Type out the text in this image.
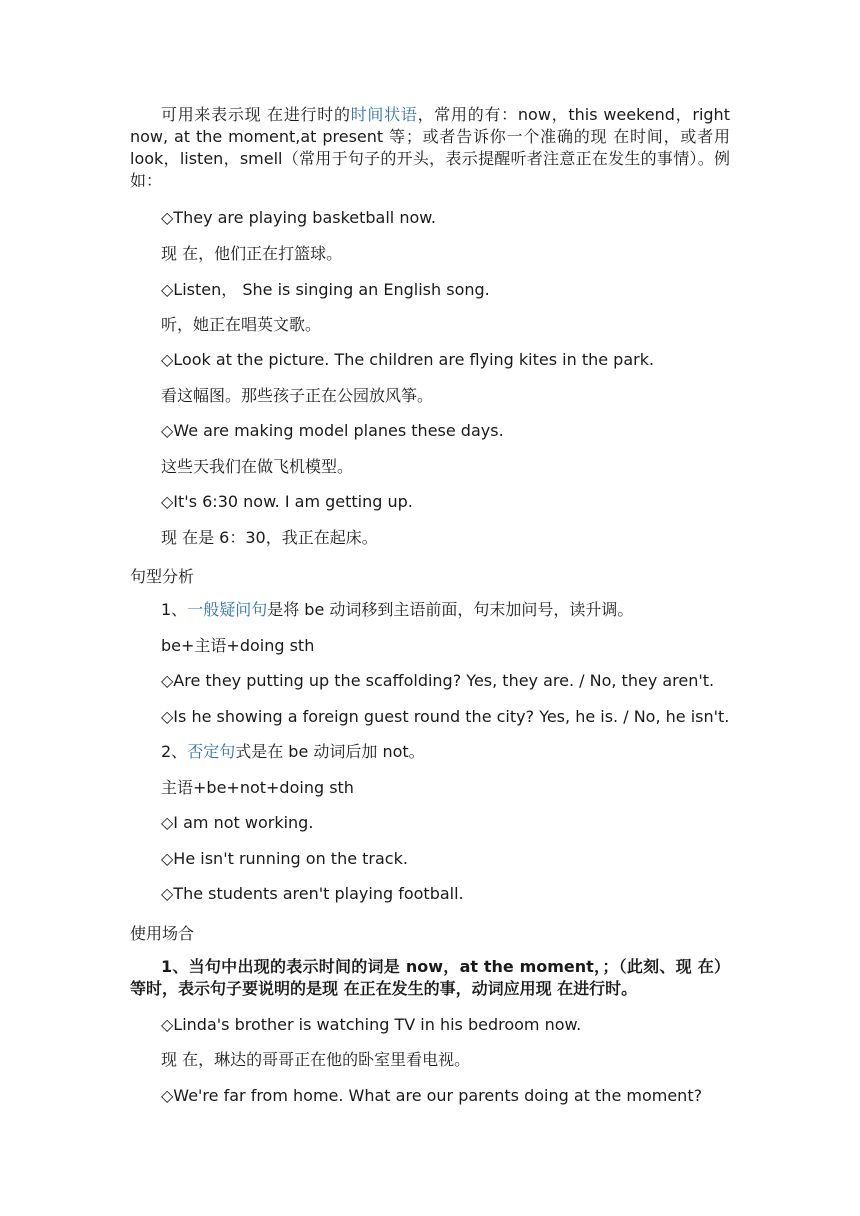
可用来表示现 在进行时的时间状语，常用的有：now，this weekend，right now, at the moment,at present 等；或者告诉你一个准确的现 在时间，或者用 look，listen，smell（常用于句子的开头，表示提醒听者注意正在发生的事情）。例如：

◇They are playing basketball now.

现 在，他们正在打篮球。

◇Listen， She is singing an English song.

听，她正在唱英文歌。

◇Look at the picture. The children are flying kites in the park.

看这幅图。那些孩子正在公园放风筝。

◇We are making model planes these days.

这些天我们在做飞机模型。

◇It's 6:30 now. I am getting up.

现 在是 6：30，我正在起床。

句型分析

1、一般疑问句是将 be 动词移到主语前面，句末加问号，读升调。

be+主语+doing sth

◇Are they putting up the scaffolding? Yes, they are. / No, they aren't.

◇Is he showing a foreign guest round the city? Yes, he is. / No, he isn't.

2、否定句式是在 be 动词后加 not。

主语+be+not+doing sth

◇I am not working.

◇He isn't running on the track.

◇The students aren't playing football.

使用场合

1、当句中出现的表示时间的词是 now，at the moment，；（此刻、现 在）等时，表示句子要说明的是现 在正在发生的事，动词应用现 在进行时。

◇Linda's brother is watching TV in his bedroom now.

现 在，琳达的哥哥正在他的卧室里看电视。

◇We're far from home. What are our parents doing at the moment?
